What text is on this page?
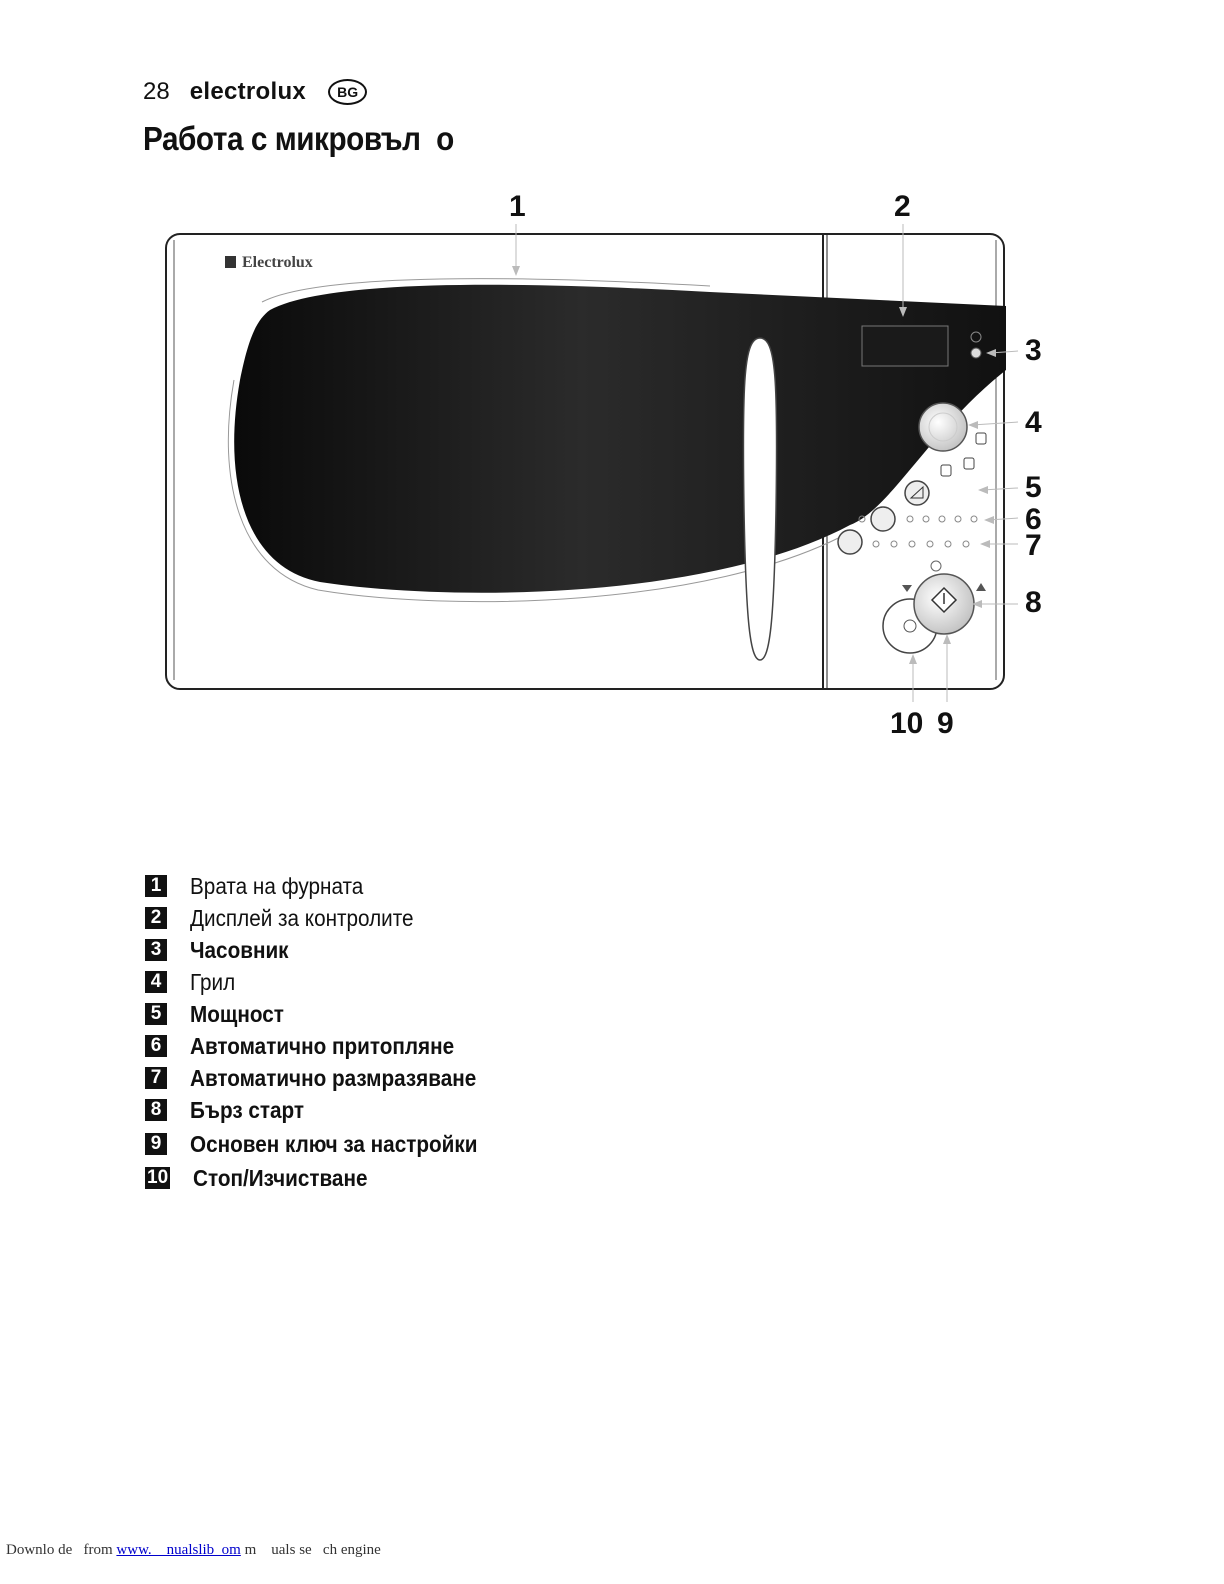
28 electrolux	BG
Работа с микровъл  о
1	2
3
4
5
6
7
8
10 9
Electrolux
1 Врата на фурната
2 Дисплей за контролите
3 Часовник
4 Грил
5 Мощност
6 Автоматично притопляне
7 Автоматично размразяване
8 Бърз старт
9 Основен ключ за настройки
10 Стоп/Изчистване
Downlo de   from www.    nualslib  om m    uals se   ch engine
